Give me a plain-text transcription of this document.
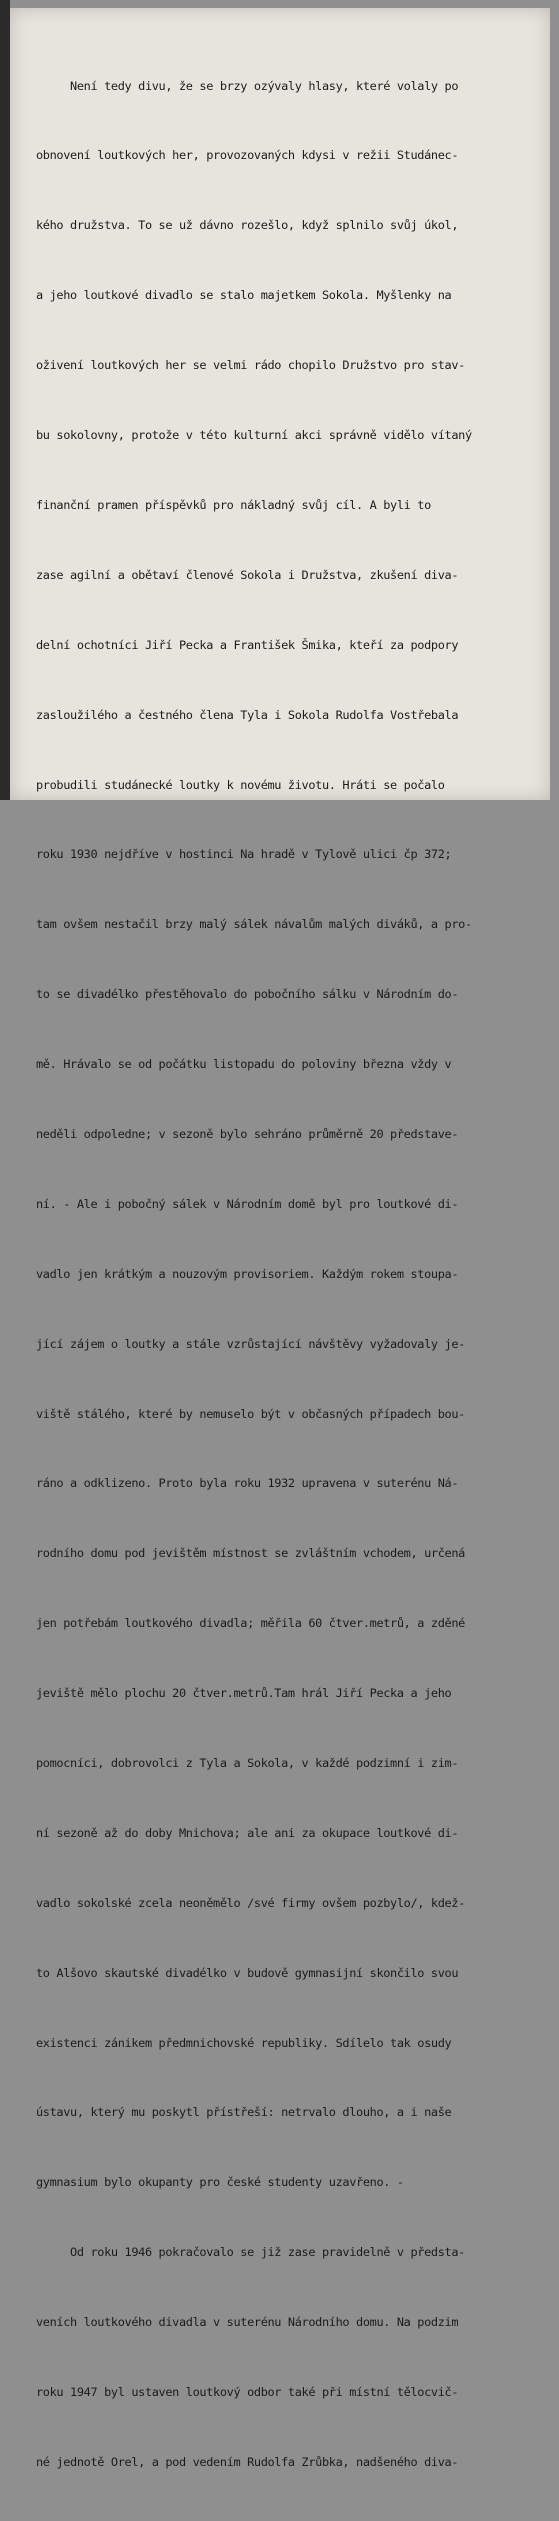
Není tedy divu, že se brzy ozývaly hlasy, které volaly po

obnovení loutkových her, provozovaných kdysi v režii Studánec-

kého družstva. To se už dávno rozešlo, když splnilo svůj úkol,

a jeho loutkové divadlo se stalo majetkem Sokola. Myšlenky na

oživení loutkových her se velmi rádo chopilo Družstvo pro stav-

bu sokolovny, protože v této kulturní akci správně vidělo vítaný

finanční pramen příspěvků pro nákladný svůj cíl. A byli to

zase agilní a obětaví členové Sokola i Družstva, zkušení diva-

delní ochotníci Jiří Pecka a František Šmika, kteří za podpory

zasloužilého a čestného člena Tyla i Sokola Rudolfa Vostřebala

probudili studánecké loutky k novému životu. Hráti se počalo

roku 1930 nejdříve v hostinci Na hradě v Tylově ulici čp 372;

tam ovšem nestačil brzy malý sálek návalům malých diváků, a pro-

to se divadélko přestěhovalo do pobočního sálku v Národním do-

mě. Hrávalo se od počátku listopadu do poloviny března vždy v

neděli odpoledne; v sezoně bylo sehráno průměrně 20 představe-

ní. - Ale i pobočný sálek v Národním domě byl pro loutkové di-

vadlo jen krátkým a nouzovým provisoriem. Každým rokem stoupa-

jící zájem o loutky a stále vzrůstající návštěvy vyžadovaly je-

viště stálého, které by nemuselo být v občasných případech bou-

ráno a odklizeno. Proto byla roku 1932 upravena v suterénu Ná-

rodního domu pod jevištěm místnost se zvláštním vchodem, určená

jen potřebám loutkového divadla; měřila 60 čtver.metrů, a zděné

jeviště mělo plochu 20 čtver.metrů.Tam hrál Jiří Pecka a jeho

pomocníci, dobrovolci z Tyla a Sokola, v každé podzimní i zim-

ní sezoně až do doby Mnichova; ale ani za okupace loutkové di-

vadlo sokolské zcela neoněmělo /své firmy ovšem pozbylo/, kdež-

to Alšovo skautské divadélko v budově gymnasijní skončilo svou

existenci zánikem předmnichovské republiky. Sdílelo tak osudy

ústavu, který mu poskytl přístřeší: netrvalo dlouho, a i naše

gymnasium bylo okupanty pro české studenty uzavřeno. -

Od roku 1946 pokračovalo se již zase pravidelně v předsta-

veních loutkového divadla v suterénu Národního domu. Na podzim

roku 1947 byl ustaven loutkový odbor také při místní tělocvič-

né jednotě Orel, a pod vedením Rudolfa Zrůbka, nadšeného diva-
